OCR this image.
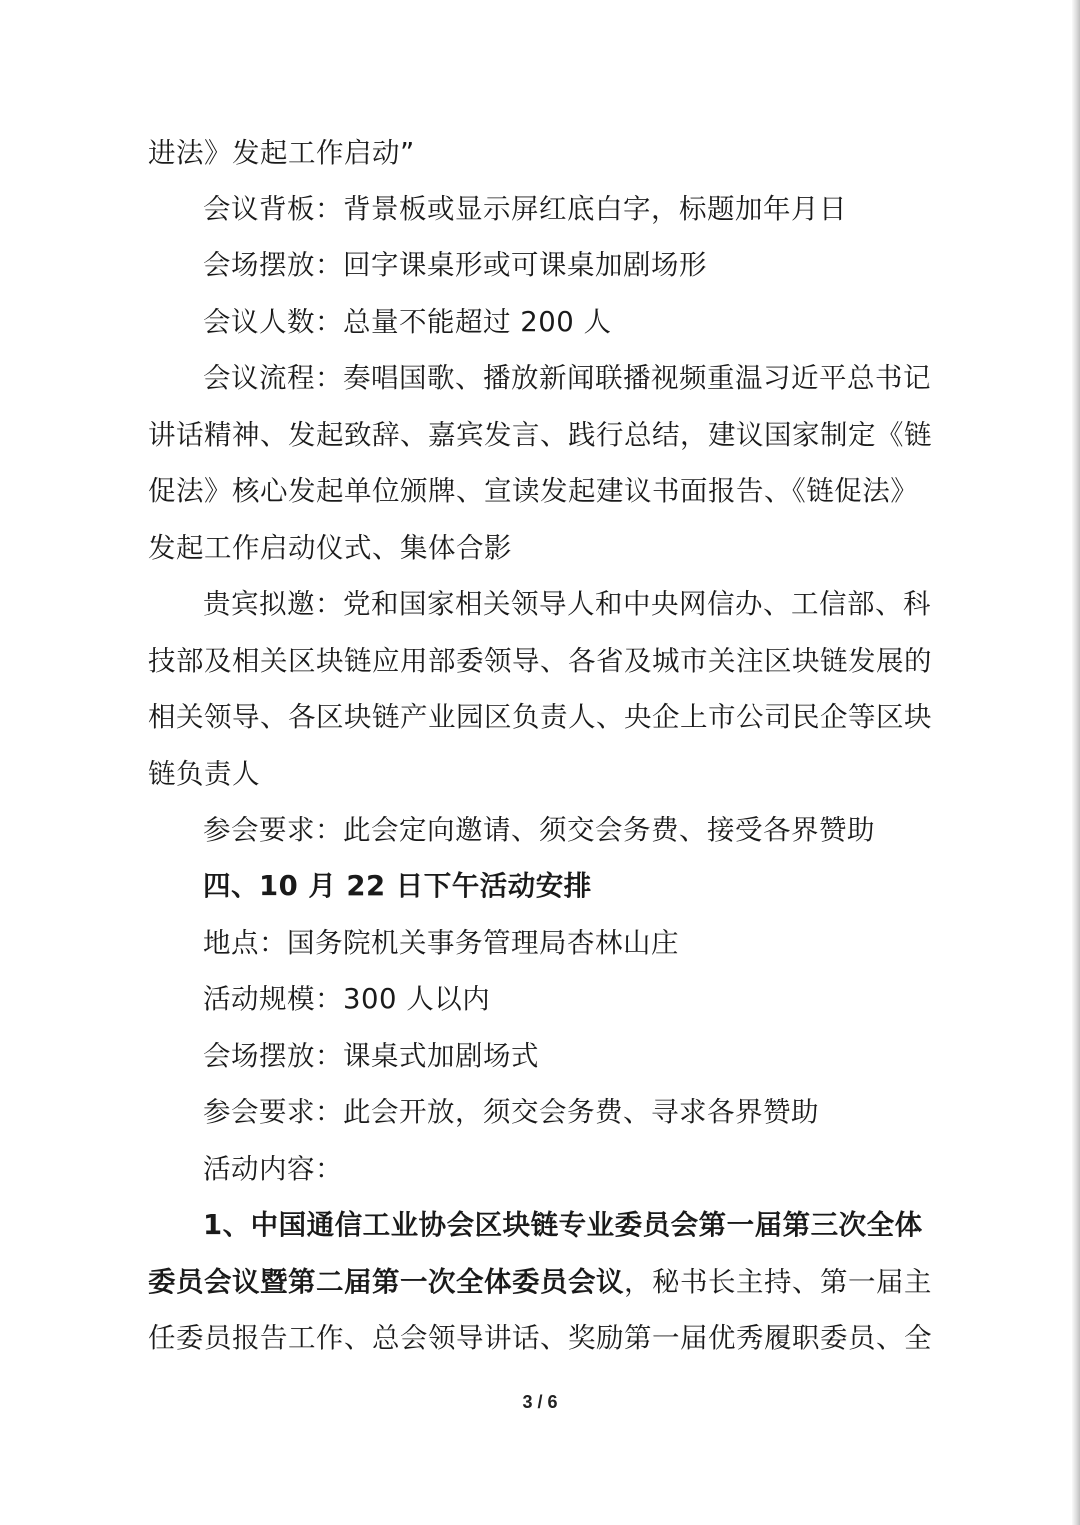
进法》发起工作启动”
会议背板：背景板或显示屏红底白字，标题加年月日
会场摆放：回字课桌形或可课桌加剧场形
会议人数：总量不能超过 200 人
会议流程：奏唱国歌、播放新闻联播视频重温习近平总书记
讲话精神、发起致辞、嘉宾发言、践行总结，建议国家制定《链
促法》核心发起单位颁牌、宣读发起建议书面报告、《链促法》
发起工作启动仪式、集体合影
贵宾拟邀：党和国家相关领导人和中央网信办、工信部、科
技部及相关区块链应用部委领导、各省及城市关注区块链发展的
相关领导、各区块链产业园区负责人、央企上市公司民企等区块
链负责人
参会要求：此会定向邀请、须交会务费、接受各界赞助
四、10 月 22 日下午活动安排
地点：国务院机关事务管理局杏林山庄
活动规模：300 人以内
会场摆放：课桌式加剧场式
参会要求：此会开放，须交会务费、寻求各界赞助
活动内容：
1、中国通信工业协会区块链专业委员会第一届第三次全体
委员会议暨第二届第一次全体委员会议，秘书长主持、第一届主
任委员报告工作、总会领导讲话、奖励第一届优秀履职委员、全
3 / 6
